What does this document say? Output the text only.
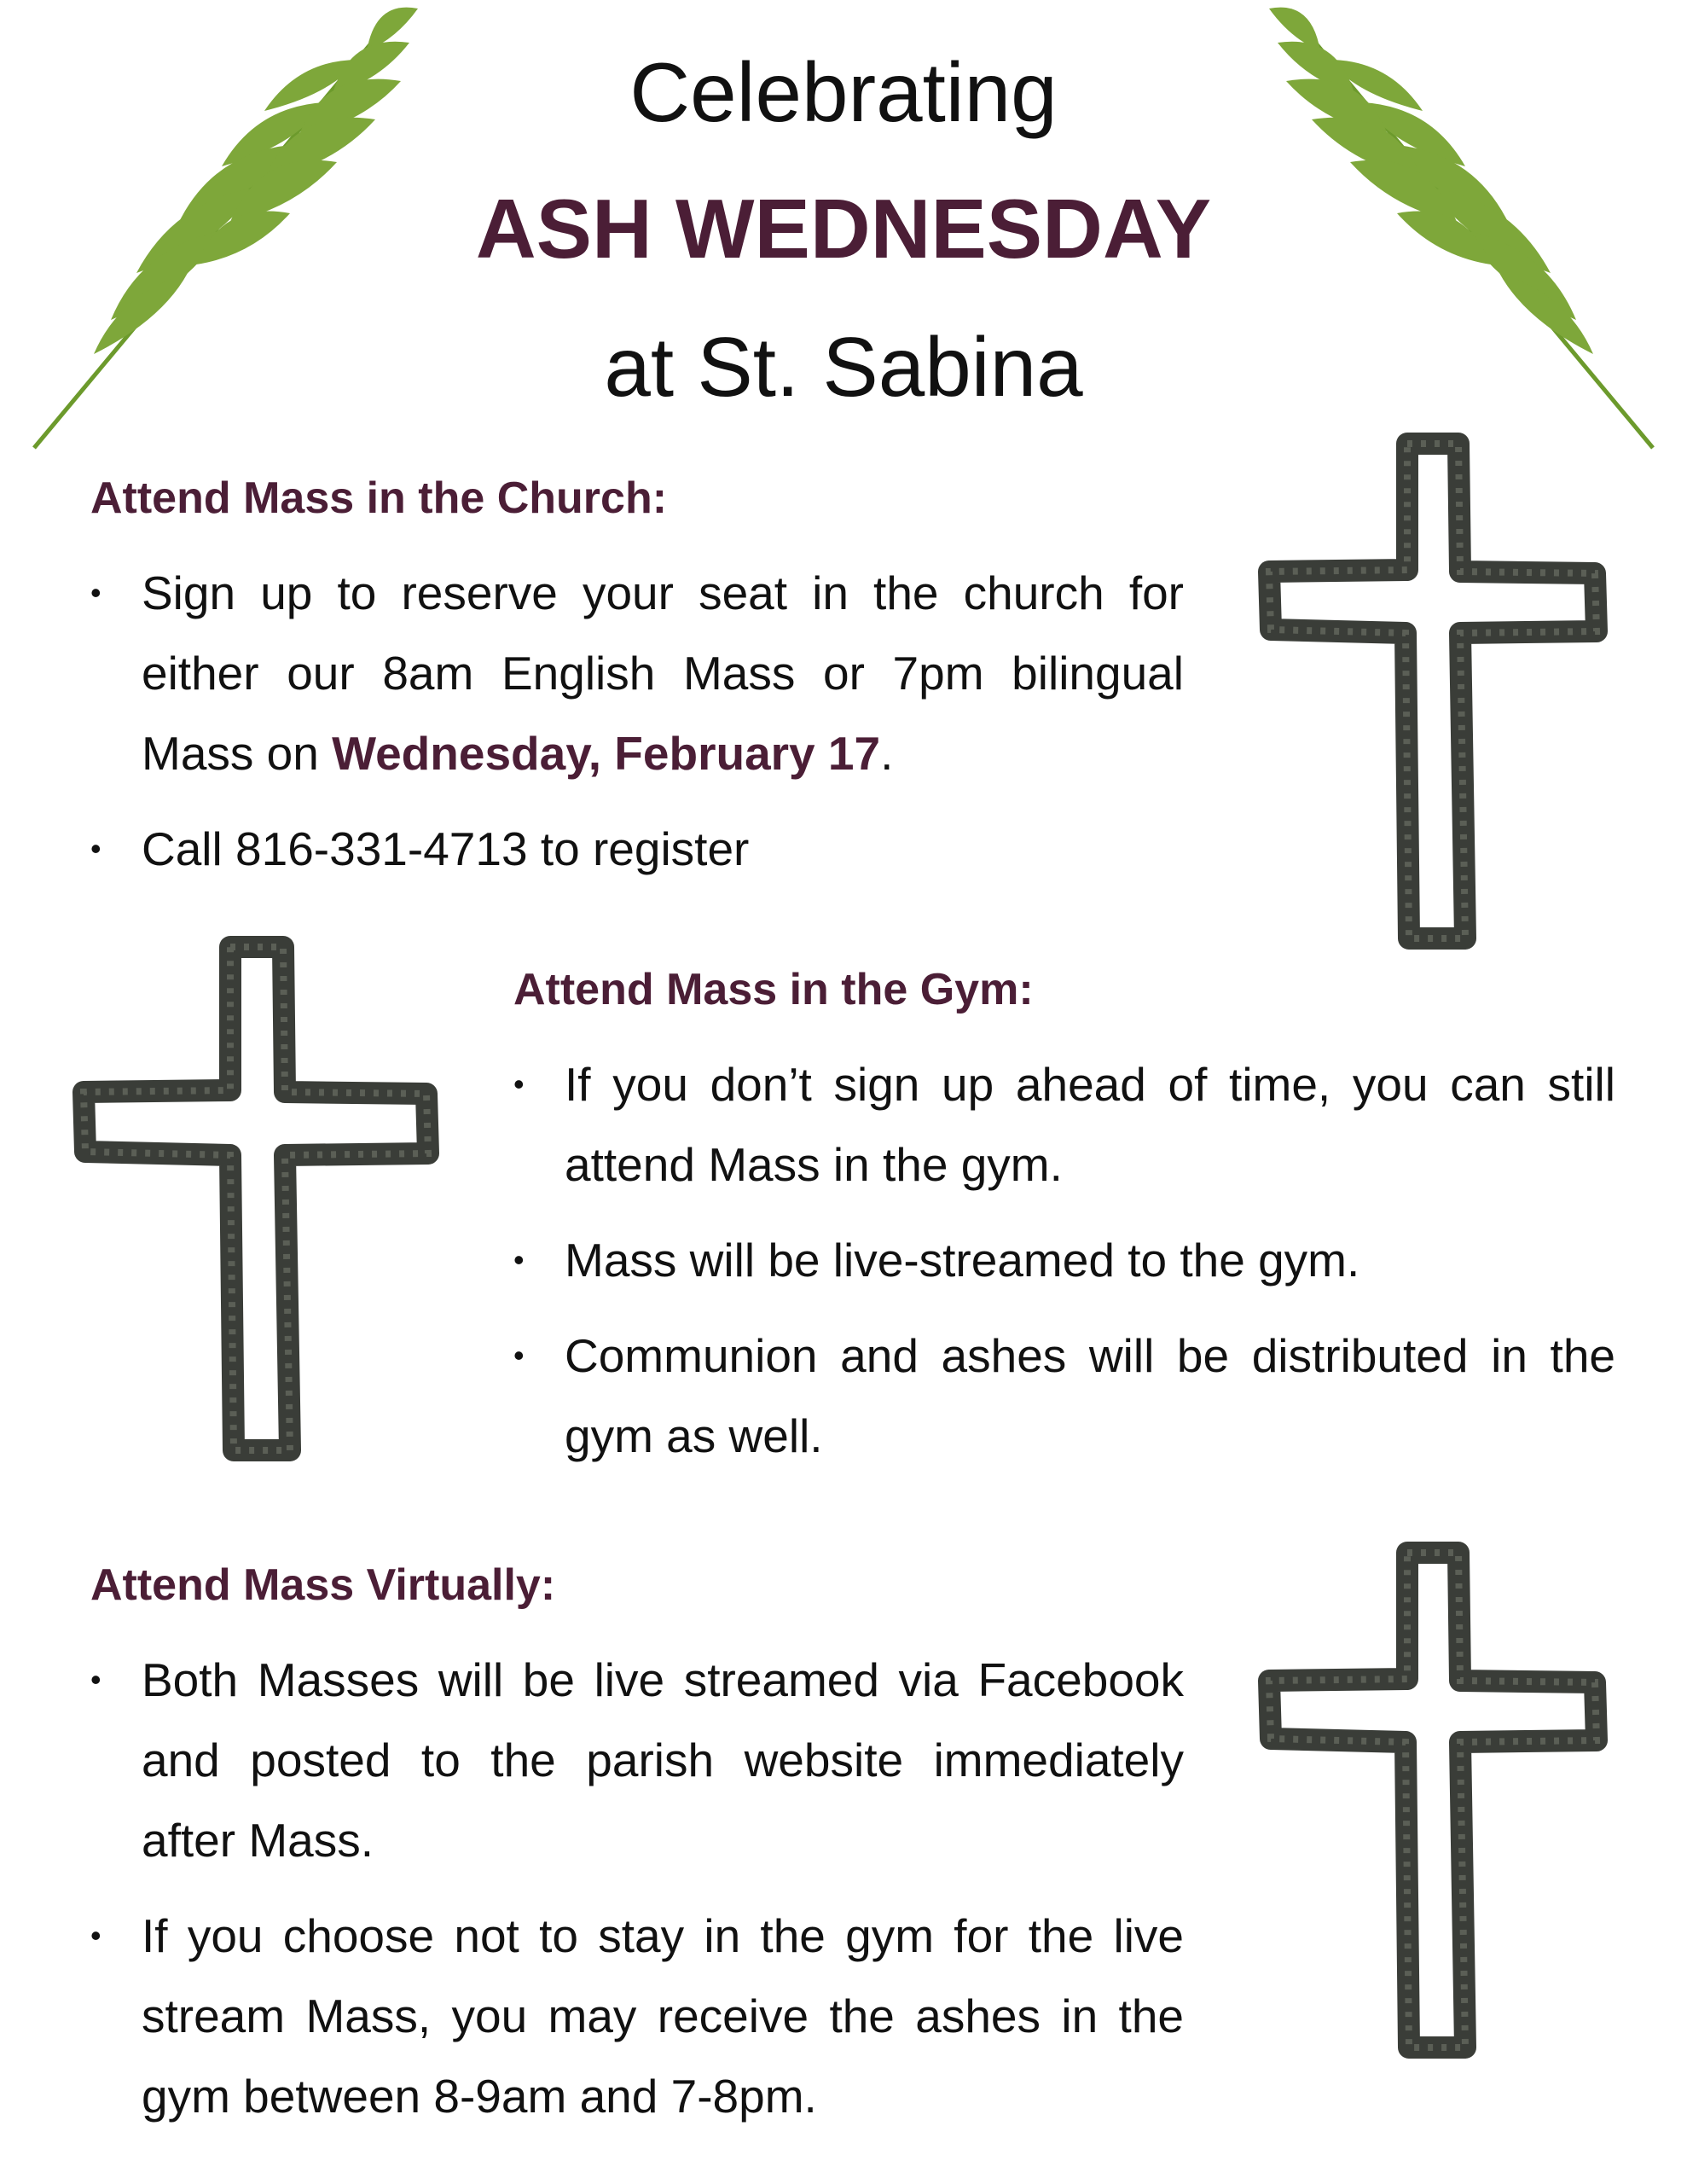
Celebrating
ASH WEDNESDAY
at St. Sabina
Attend Mass in the Church:
• Sign up to reserve your seat in the church for either our 8am English Mass or 7pm bilingual Mass on Wednesday, February 17.
• Call 816-331-4713 to register
Attend Mass in the Gym:
• If you don’t sign up ahead of time, you can still attend Mass in the gym.
• Mass will be live-streamed to the gym.
• Communion and ashes will be distributed in the gym as well.
Attend Mass Virtually:
• Both Masses will be live streamed via Facebook and posted to the parish website immediately after Mass.
• If you choose not to stay in the gym for the live stream Mass, you may receive the ashes in the gym between 8-9am and 7-8pm.
